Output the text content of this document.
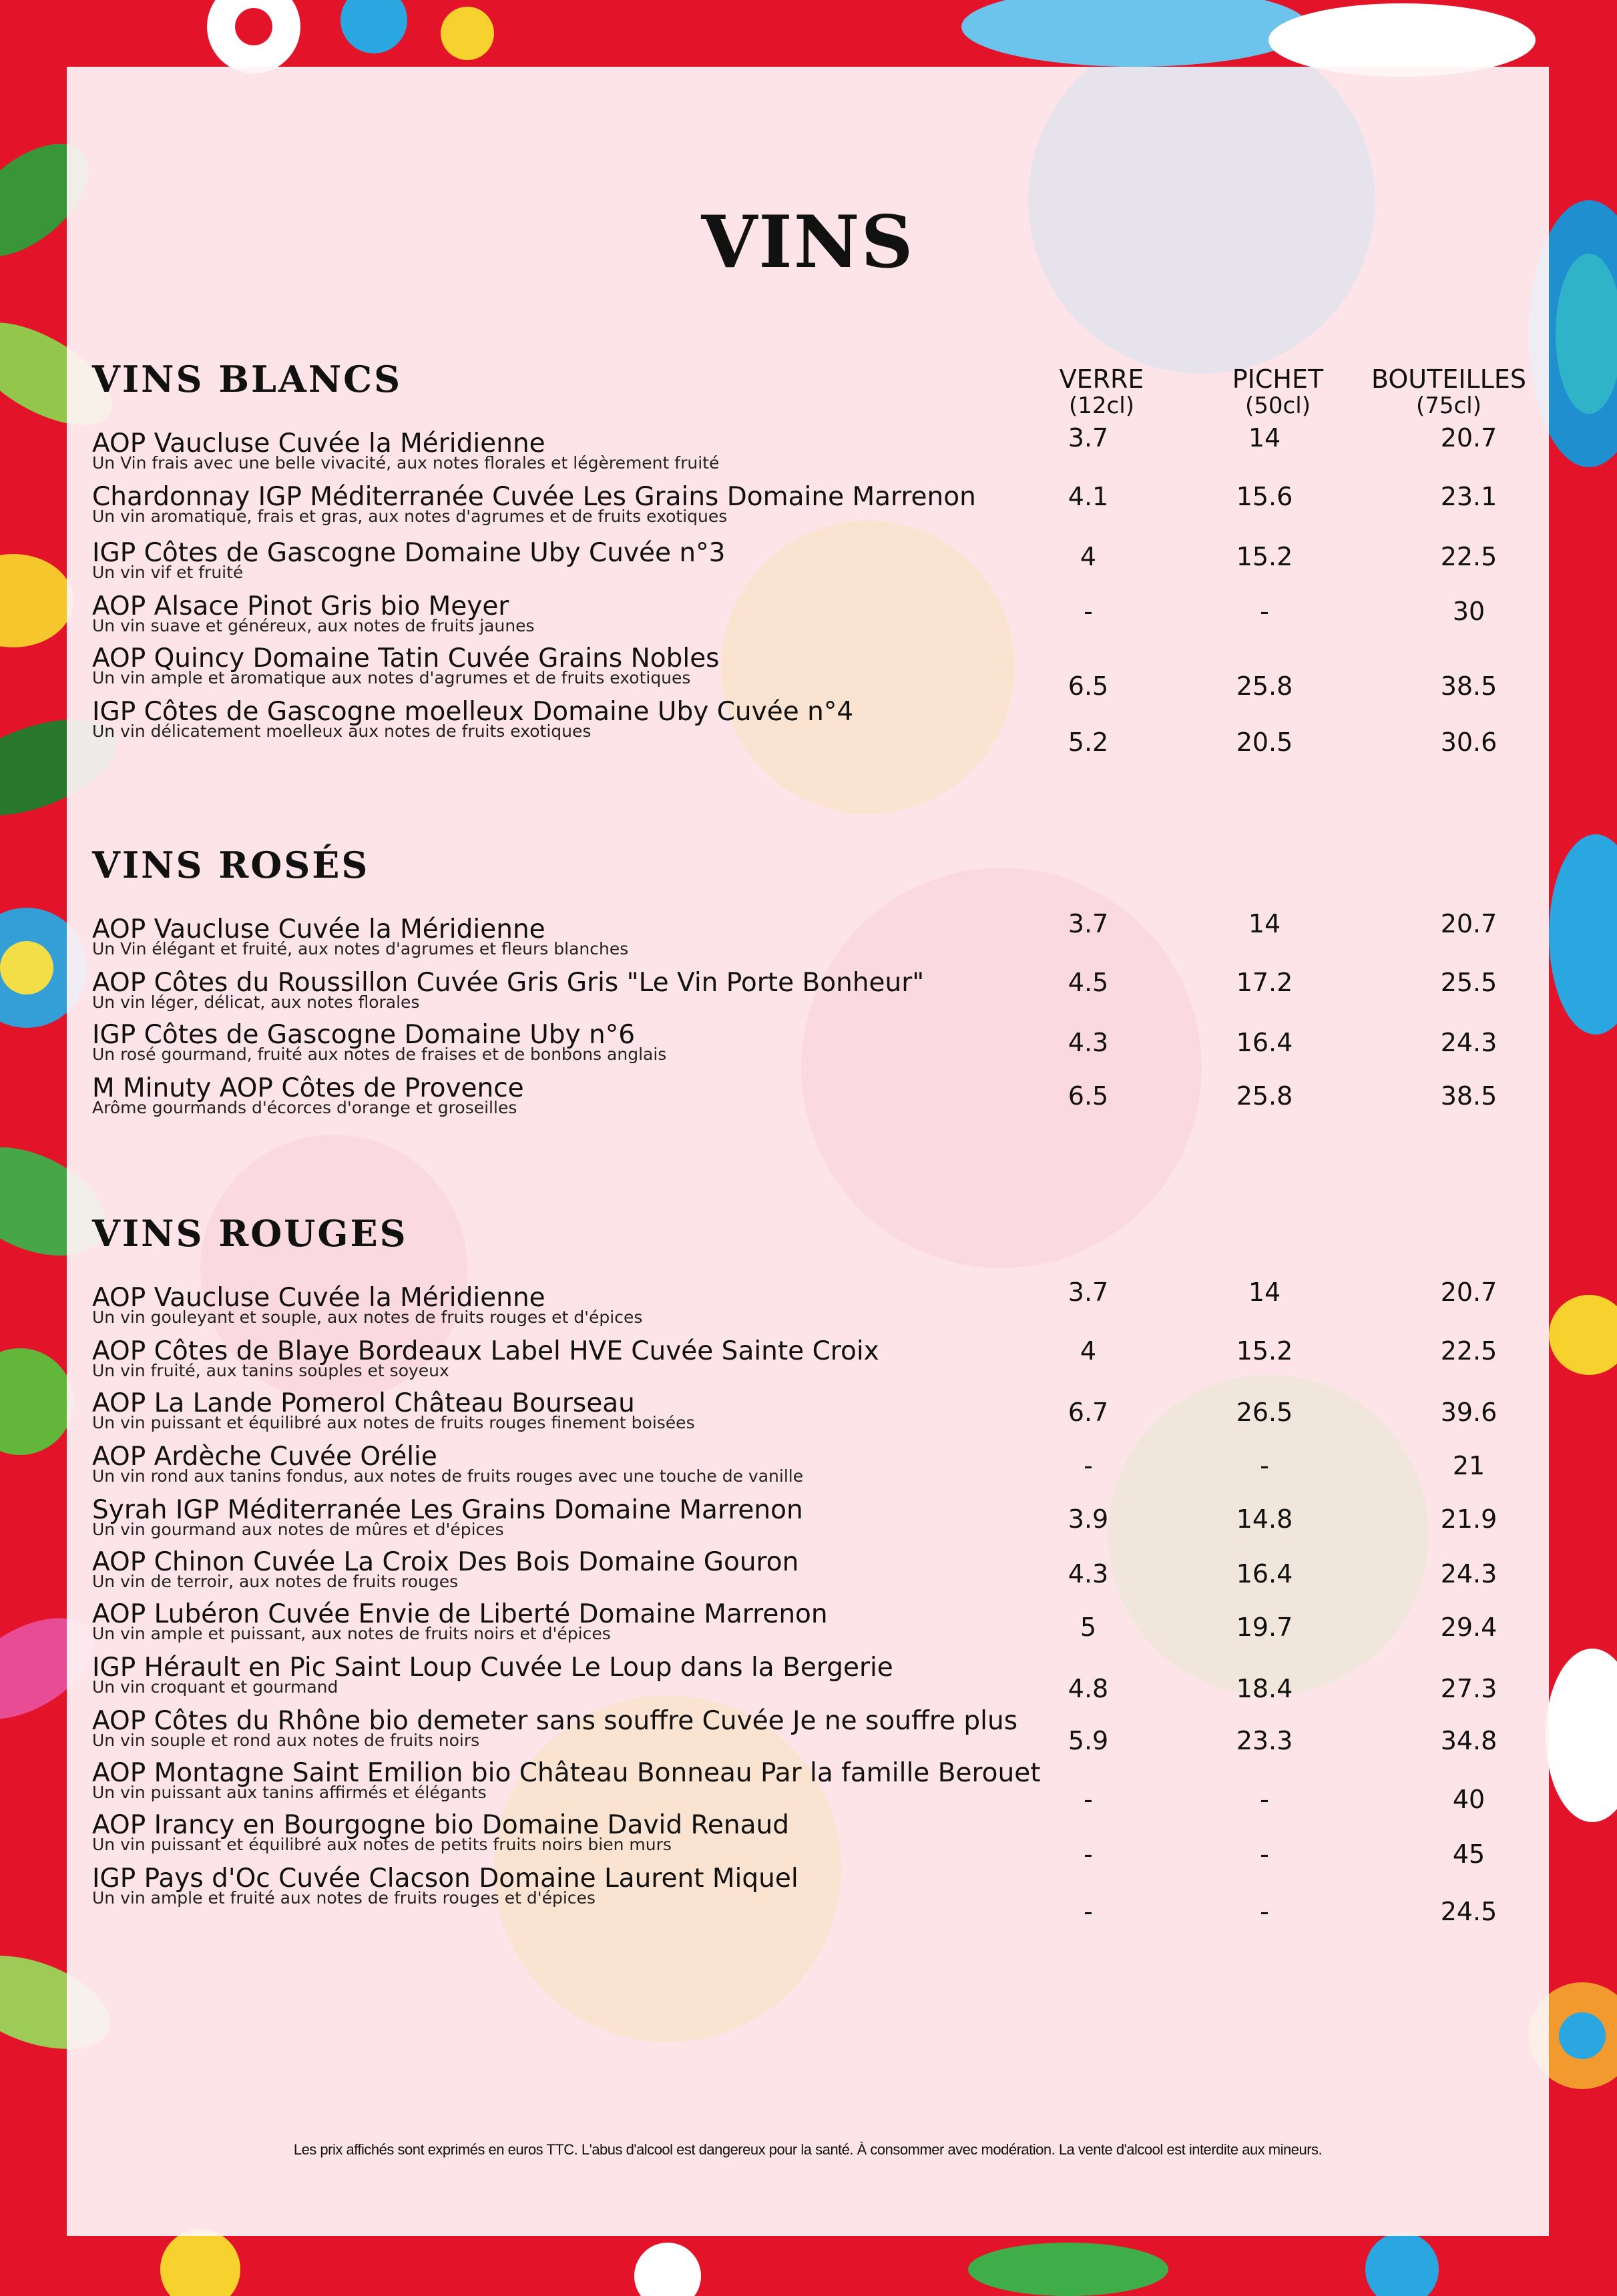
VINS
VERRE
(12cl)
PICHET
(50cl)
BOUTEILLES
(75cl)
VINS BLANCS
VINS ROSÉS
VINS ROUGES
AOP Vaucluse Cuvée la Méridienne
Un Vin frais avec une belle vivacité, aux notes florales et légèrement fruité
3.7	14	20.7
Chardonnay IGP Méditerranée Cuvée Les Grains Domaine Marrenon
Un vin aromatique, frais et gras, aux notes d'agrumes et de fruits exotiques
4.1	15.6	23.1
IGP Côtes de Gascogne Domaine Uby Cuvée n°3
Un vin vif et fruité
4	15.2	22.5
AOP Alsace Pinot Gris bio Meyer
Un vin suave et généreux, aux notes de fruits jaunes	-	-	30
AOP Quincy Domaine Tatin Cuvée Grains Nobles
Un vin ample et aromatique aux notes d'agrumes et de fruits exotiques	6.5	25.8	38.5
IGP Côtes de Gascogne moelleux Domaine Uby Cuvée n°4
Un vin délicatement moelleux aux notes de fruits exotiques	5.2	20.5	30.6
AOP Vaucluse Cuvée la Méridienne
Un Vin élégant et fruité, aux notes d'agrumes et fleurs blanches
3.7	14	20.7
AOP Côtes du Roussillon Cuvée Gris Gris "Le Vin Porte Bonheur"
Un vin léger, délicat, aux notes florales
4.5	17.2	25.5
IGP Côtes de Gascogne Domaine Uby n°6
Un rosé gourmand, fruité aux notes de fraises et de bonbons anglais	4.3	16.4	24.3
M Minuty AOP Côtes de Provence
Arôme gourmands d'écorces d'orange et groseilles	6.5	25.8	38.5
AOP Vaucluse Cuvée la Méridienne
Un vin gouleyant et souple, aux notes de fruits rouges et d'épices
3.7	14	20.7
AOP Côtes de Blaye Bordeaux Label HVE Cuvée Sainte Croix
Un vin fruité, aux tanins souples et soyeux
4	15.2	22.5
AOP La Lande Pomerol Château Bourseau
Un vin puissant et équilibré aux notes de fruits rouges finement boisées	6.7	26.5	39.6
AOP Ardèche Cuvée Orélie
Un vin rond aux tanins fondus, aux notes de fruits rouges avec une touche de vanille	-	-	21
Syrah IGP Méditerranée Les Grains Domaine Marrenon
Un vin gourmand aux notes de mûres et d'épices	3.9	14.8	21.9
AOP Chinon Cuvée La Croix Des Bois Domaine Gouron
Un vin de terroir, aux notes de fruits rouges	4.3	16.4	24.3
AOP Lubéron Cuvée Envie de Liberté Domaine Marrenon
Un vin ample et puissant, aux notes de fruits noirs et d'épices	5	19.7	29.4
IGP Hérault en Pic Saint Loup Cuvée Le Loup dans la Bergerie
Un vin croquant et gourmand	4.8	18.4	27.3
AOP Côtes du Rhône bio demeter sans souffre Cuvée Je ne souffre plus
Un vin souple et rond aux notes de fruits noirs	5.9	23.3	34.8
AOP Montagne Saint Emilion bio Château Bonneau Par la famille Berouet
Un vin puissant aux tanins affirmés et élégants	-	-	40
AOP Irancy en Bourgogne bio Domaine David Renaud
Un vin puissant et équilibré aux notes de petits fruits noirs bien murs	-	-	45
IGP Pays d'Oc Cuvée Clacson Domaine Laurent Miquel
Un vin ample et fruité aux notes de fruits rouges et d'épices	-	-	24.5
Les prix affichés sont exprimés en euros TTC. L'abus d'alcool est dangereux pour la santé. À consommer avec modération. La vente d'alcool est interdite aux mineurs.
